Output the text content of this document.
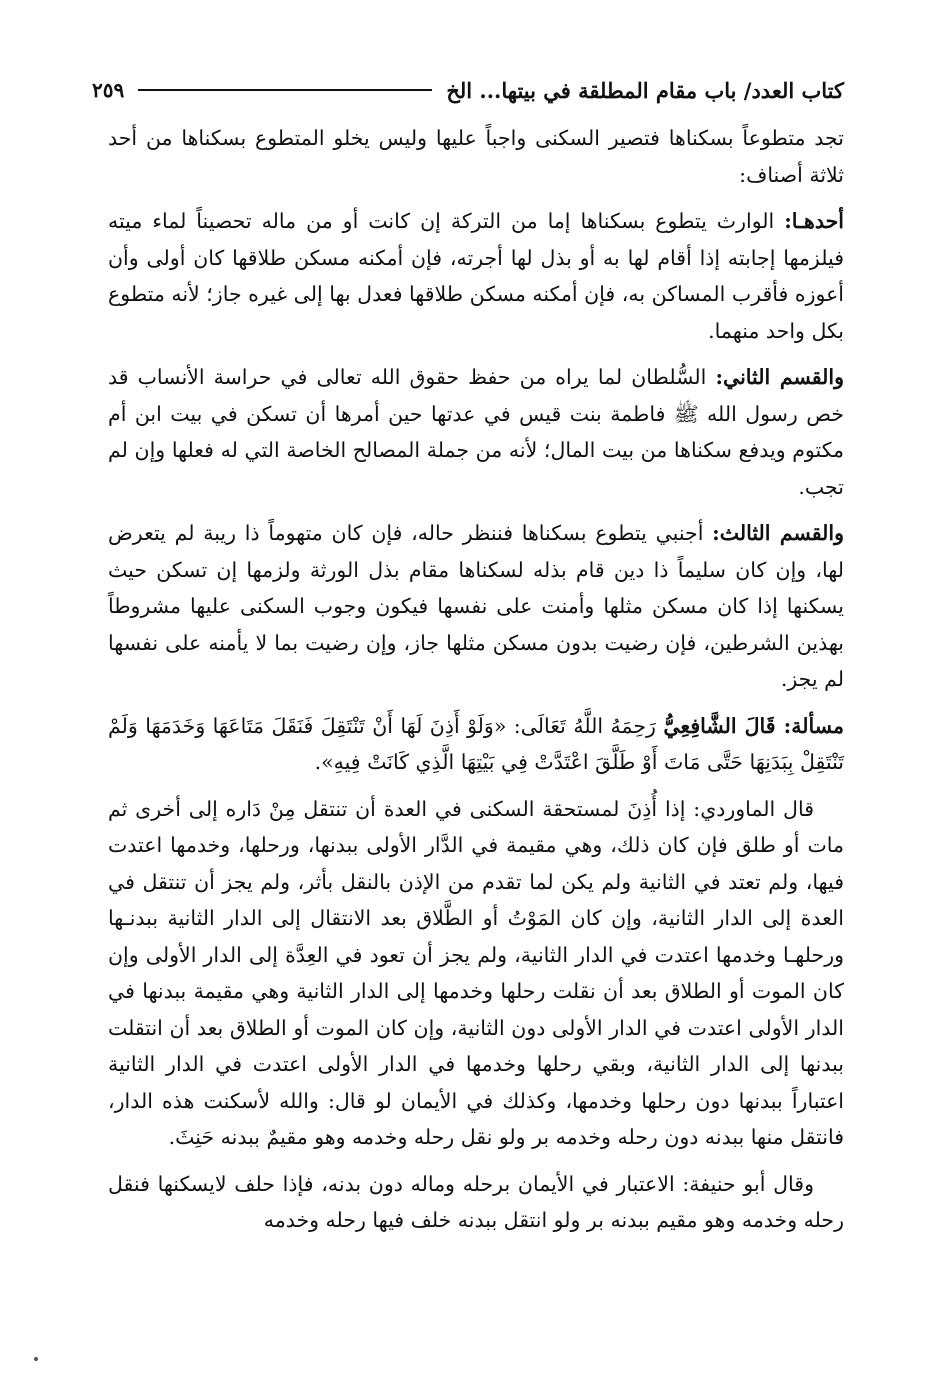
كتاب العدد/ باب مقام المطلقة في بيتها... الخ
٢٥٩

تجد متطوعاً بسكناها فتصير السكنى واجباً عليها وليس يخلو المتطوع بسكناها من أحد ثلاثة أصناف:

أحدهـا: الوارث يتطوع بسكناها إما من التركة إن كانت أو من ماله تحصيناً لماء ميته فيلزمها إجابته إذا أقام لها به أو بذل لها أجرته، فإن أمكنه مسكن طلاقها كان أولى وأن أعوزه فأقرب المساكن به، فإن أمكنه مسكن طلاقها فعدل بها إلى غيره جاز؛ لأنه متطوع بكل واحد منهما.

والقسم الثاني: السُّلطان لما يراه من حفظ حقوق الله تعالى في حراسة الأنساب قد خص رسول الله ﷺ فاطمة بنت قيس في عدتها حين أمرها أن تسكن في بيت ابن أم مكتوم ويدفع سكناها من بيت المال؛ لأنه من جملة المصالح الخاصة التي له فعلها وإن لم تجب.

والقسم الثالث: أجنبي يتطوع بسكناها فننظر حاله، فإن كان متهوماً ذا ريبة لم يتعرض لها، وإن كان سليماً ذا دين قام بذله لسكناها مقام بذل الورثة ولزمها إن تسكن حيث يسكنها إذا كان مسكن مثلها وأمنت على نفسها فيكون وجوب السكنى عليها مشروطاً بهذين الشرطين، فإن رضيت بدون مسكن مثلها جاز، وإن رضيت بما لا يأمنه على نفسها لم يجز.

مسألة: قَالَ الشَّافِعِيُّ رَحِمَهُ اللَّهُ تَعَالَى: «وَلَوْ أَذِنَ لَهَا أَنْ تَنْتَقِلَ فَنَقَلَ مَتَاعَهَا وَخَدَمَهَا وَلَمْ تَنْتَقِلْ بِبَدَنِهَا حَتَّى مَاتَ أَوْ طَلَّقَ اعْتَدَّتْ فِي بَيْتِهَا الَّذِي كَانَتْ فِيهِ».

قال الماوردي: إذا أُذِنَ لمستحقة السكنى في العدة أن تنتقل مِنْ دَاره إلى أخرى ثم مات أو طلق فإن كان ذلك، وهي مقيمة في الدَّار الأولى ببدنها، ورحلها، وخدمها اعتدت فيها، ولم تعتد في الثانية ولم يكن لما تقدم من الإذن بالنقل بأثر، ولم يجز أن تنتقل في العدة إلى الدار الثانية، وإن كان المَوْتُ أو الطَّلاق بعد الانتقال إلى الدار الثانية ببدنـها ورحلهـا وخدمها اعتدت في الدار الثانية، ولم يجز أن تعود في العِدَّة إلى الدار الأولى وإن كان الموت أو الطلاق بعد أن نقلت رحلها وخدمها إلى الدار الثانية وهي مقيمة ببدنها في الدار الأولى اعتدت في الدار الأولى دون الثانية، وإن كان الموت أو الطلاق بعد أن انتقلت ببدنها إلى الدار الثانية، وبقي رحلها وخدمها في الدار الأولى اعتدت في الدار الثانية اعتباراً ببدنها دون رحلها وخدمها، وكذلك في الأيمان لو قال: والله لأسكنت هذه الدار، فانتقل منها ببدنه دون رحله وخدمه بر ولو نقل رحله وخدمه وهو مقيمٌ ببدنه حَنِثَ.

وقال أبو حنيفة: الاعتبار في الأيمان برحله وماله دون بدنه، فإذا حلف لايسكنها فنقل رحله وخدمه وهو مقيم ببدنه بر ولو انتقل ببدنه خلف فيها رحله وخدمه
